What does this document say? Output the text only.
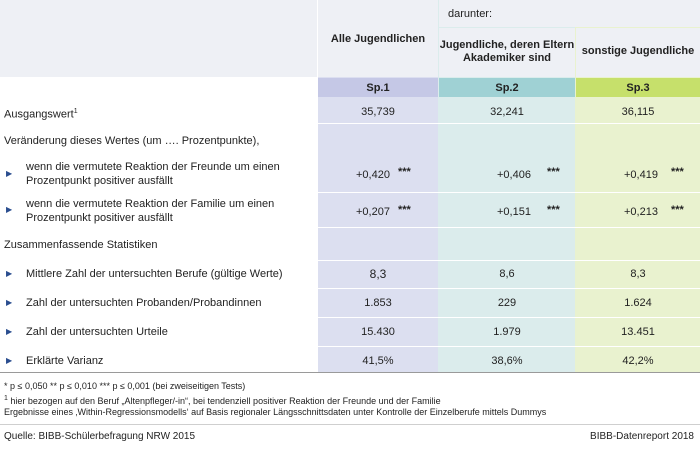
Alle Jugendlichen
darunter:
Jugendliche, deren Eltern
Akademiker sind
sonstige Jugendliche
Sp.1	Sp.2	Sp.3
Ausgangswert$^1$	35,739	32,241	36,115
Veränderung dieses Wertes (um …. Prozentpunkte),
▶
wenn die vermutete Reaktion der Freunde um einen
Prozentpunkt positiver ausfällt	+0,420 ***	+0,406 ***	+0,419 ***
▶ wenn die vermutete Reaktion der Familie um einen
Prozentpunkt positiver ausfällt	+0,207 ***	+0,151 ***	+0,213 ***
Zusammenfassende Statistiken
▶ Mittlere Zahl der untersuchten Berufe (gültige Werte)	8,3	8,6	8,3
▶ Zahl der untersuchten Probanden/Probandinnen	1.853	229	1.624
▶ Zahl der untersuchten Urteile	15.430	1.979	13.451
▶ Erklärte Varianz	41,5%	38,6%	42,2%
* p ≤ 0,050 ** p ≤ 0,010 *** p ≤ 0,001 (bei zweiseitigen Tests)
$^1$ hier bezogen auf den Beruf „Altenpfleger/-in“, bei tendenziell positiver Reaktion der Freunde und der Familie
Ergebnisse eines ‚Within-Regressionsmodells‘ auf Basis regionaler Längsschnittsdaten unter Kontrolle der Einzelberufe mittels Dummys
Quelle: BIBB-Schülerbefragung NRW 2015	BIBB-Datenreport 2018
